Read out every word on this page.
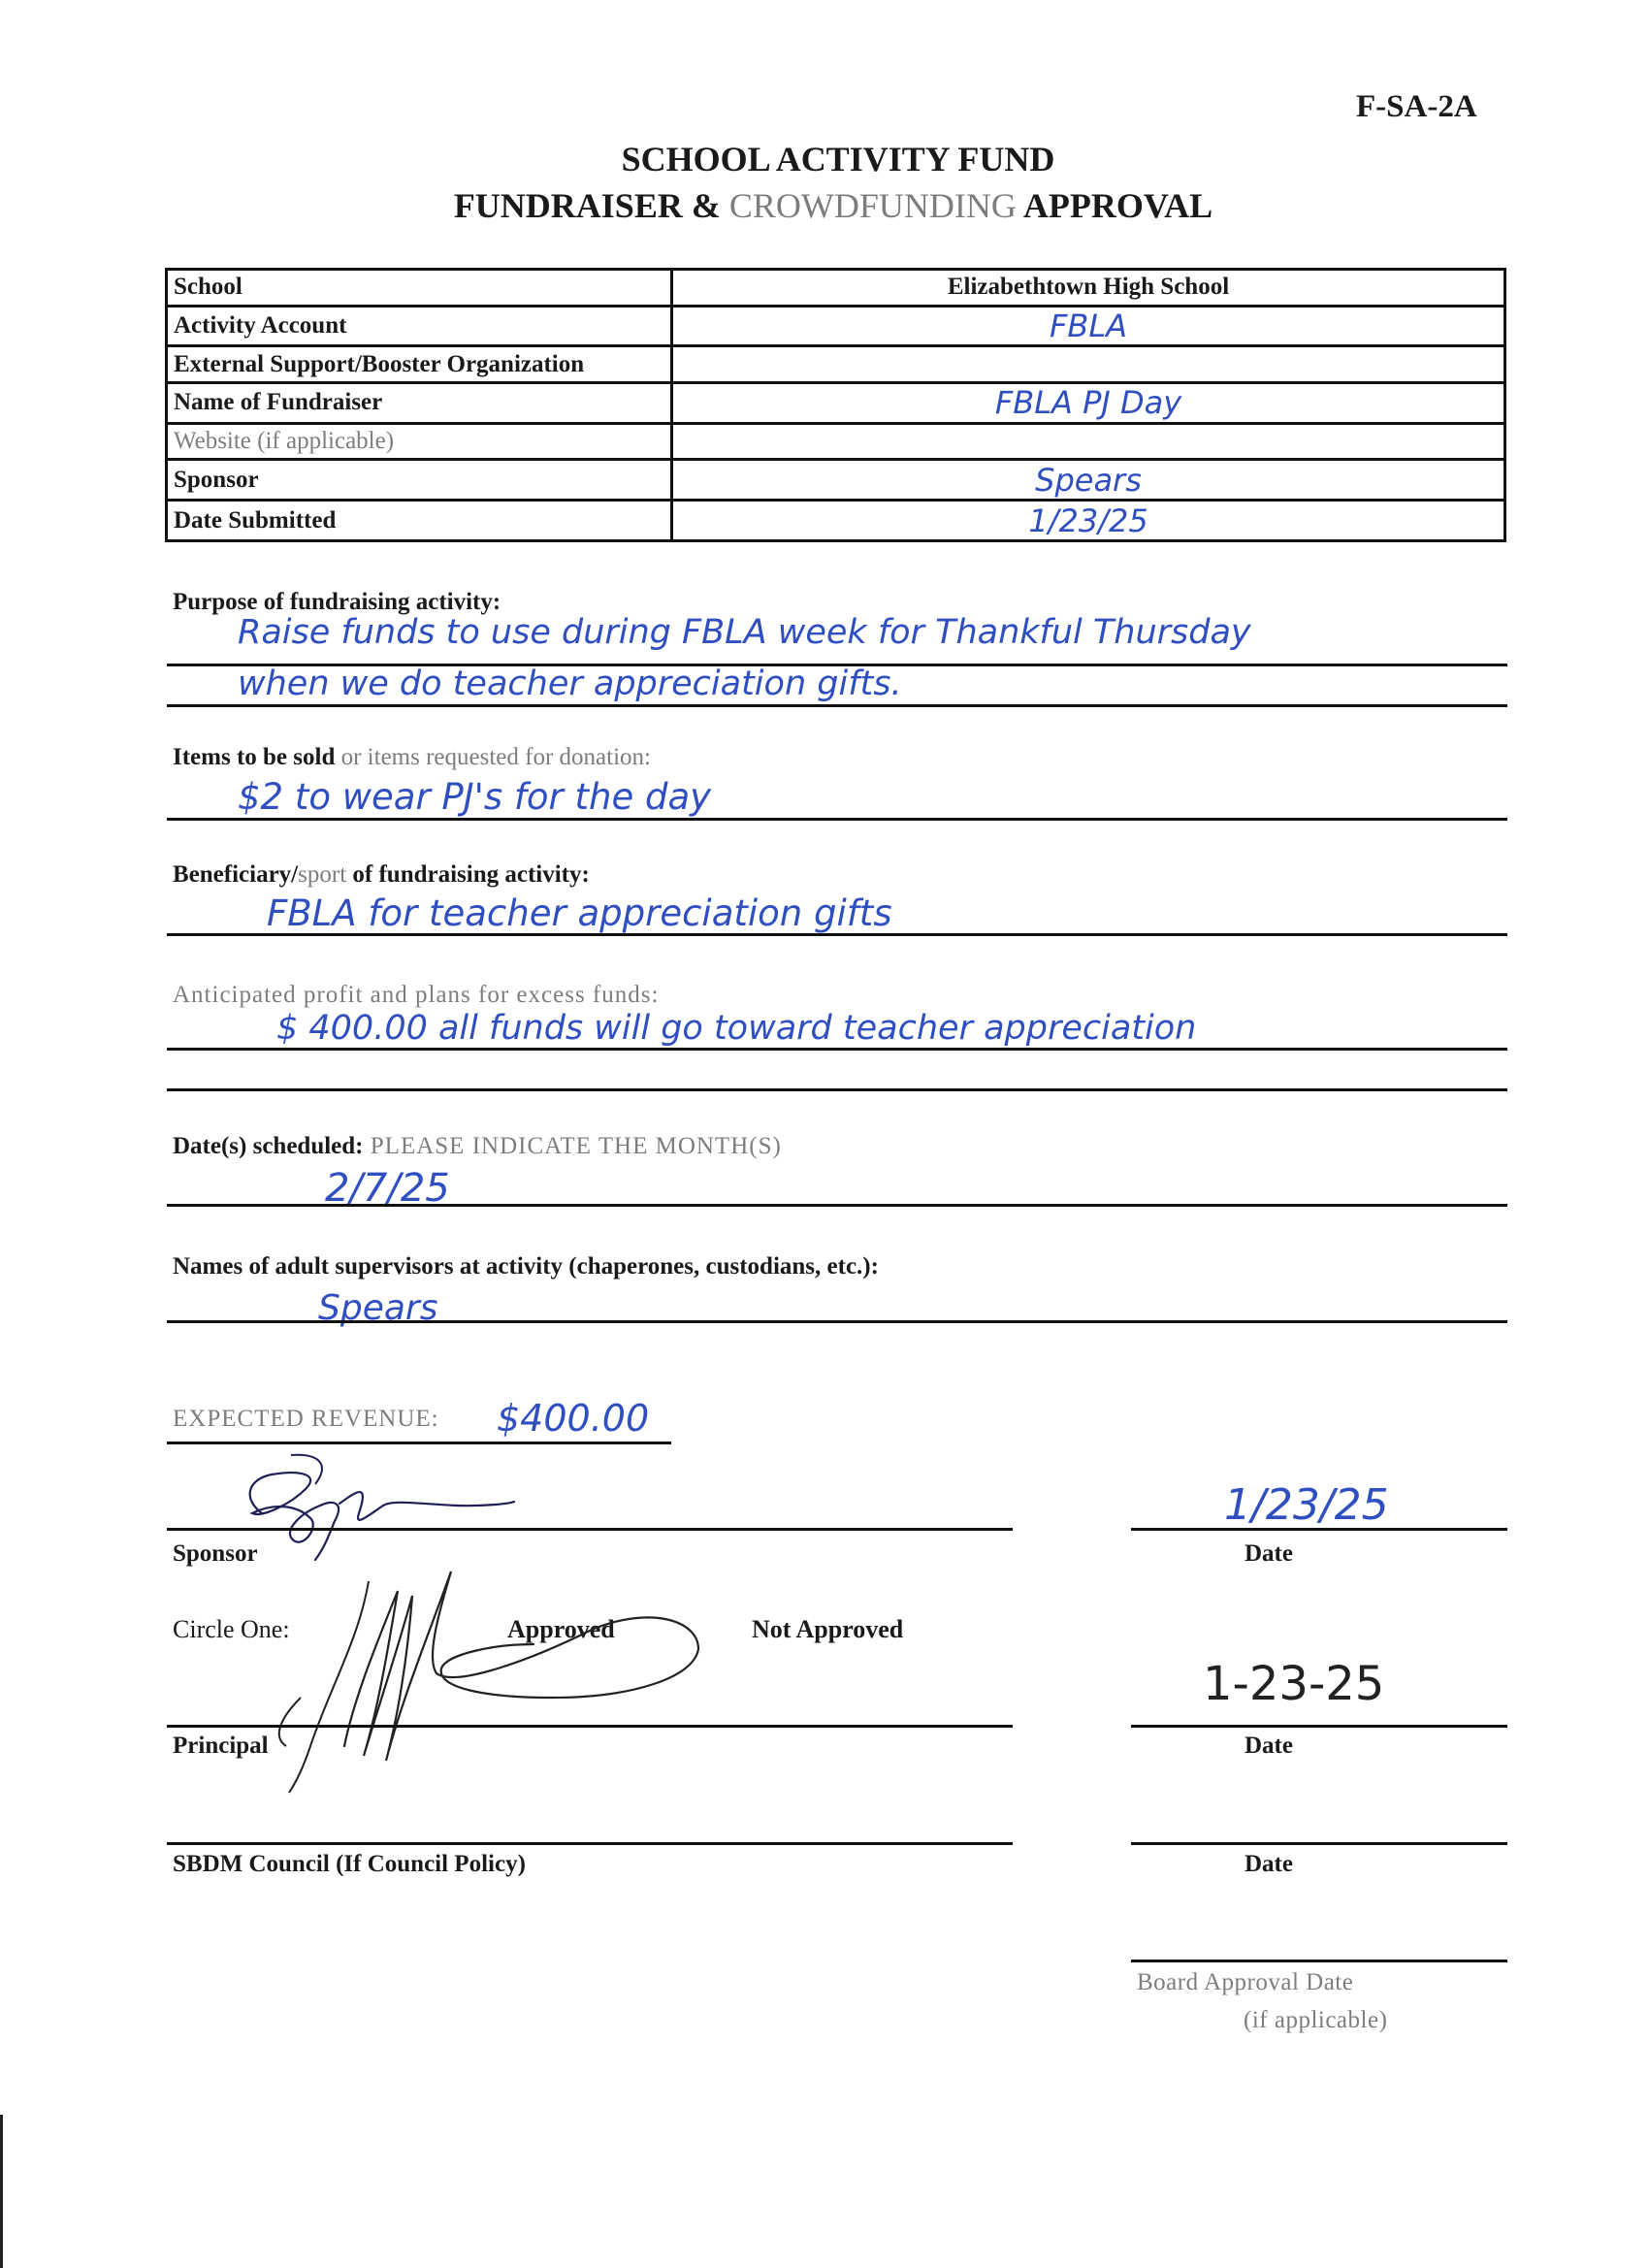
F-SA-2A
SCHOOL ACTIVITY FUND
FUNDRAISER & CROWDFUNDING APPROVAL
School	Elizabethtown High School
Activity Account	FBLA
External Support/Booster Organization	
Name of Fundraiser	FBLA PJ Day
Website (if applicable)	
Sponsor	Spears
Date Submitted	1/23/25
Purpose of fundraising activity:
Raise funds to use during FBLA week for Thankful Thursday
when we do teacher appreciation gifts.
Items to be sold or items requested for donation:
$2 to wear PJ's for the day
Beneficiary/sport of fundraising activity:
FBLA for teacher appreciation gifts
Anticipated profit and plans for excess funds:
$ 400.00 all funds will go toward teacher appreciation
Date(s) scheduled: PLEASE INDICATE THE MONTH(S)
2/7/25
Names of adult supervisors at activity (chaperones, custodians, etc.):
Spears
EXPECTED REVENUE: $400.00
Sponsor
1/23/25
Date
Circle One:	Approved	Not Approved
1-23-25
Principal	Date
SBDM Council (If Council Policy)	Date
Board Approval Date
(if applicable)
